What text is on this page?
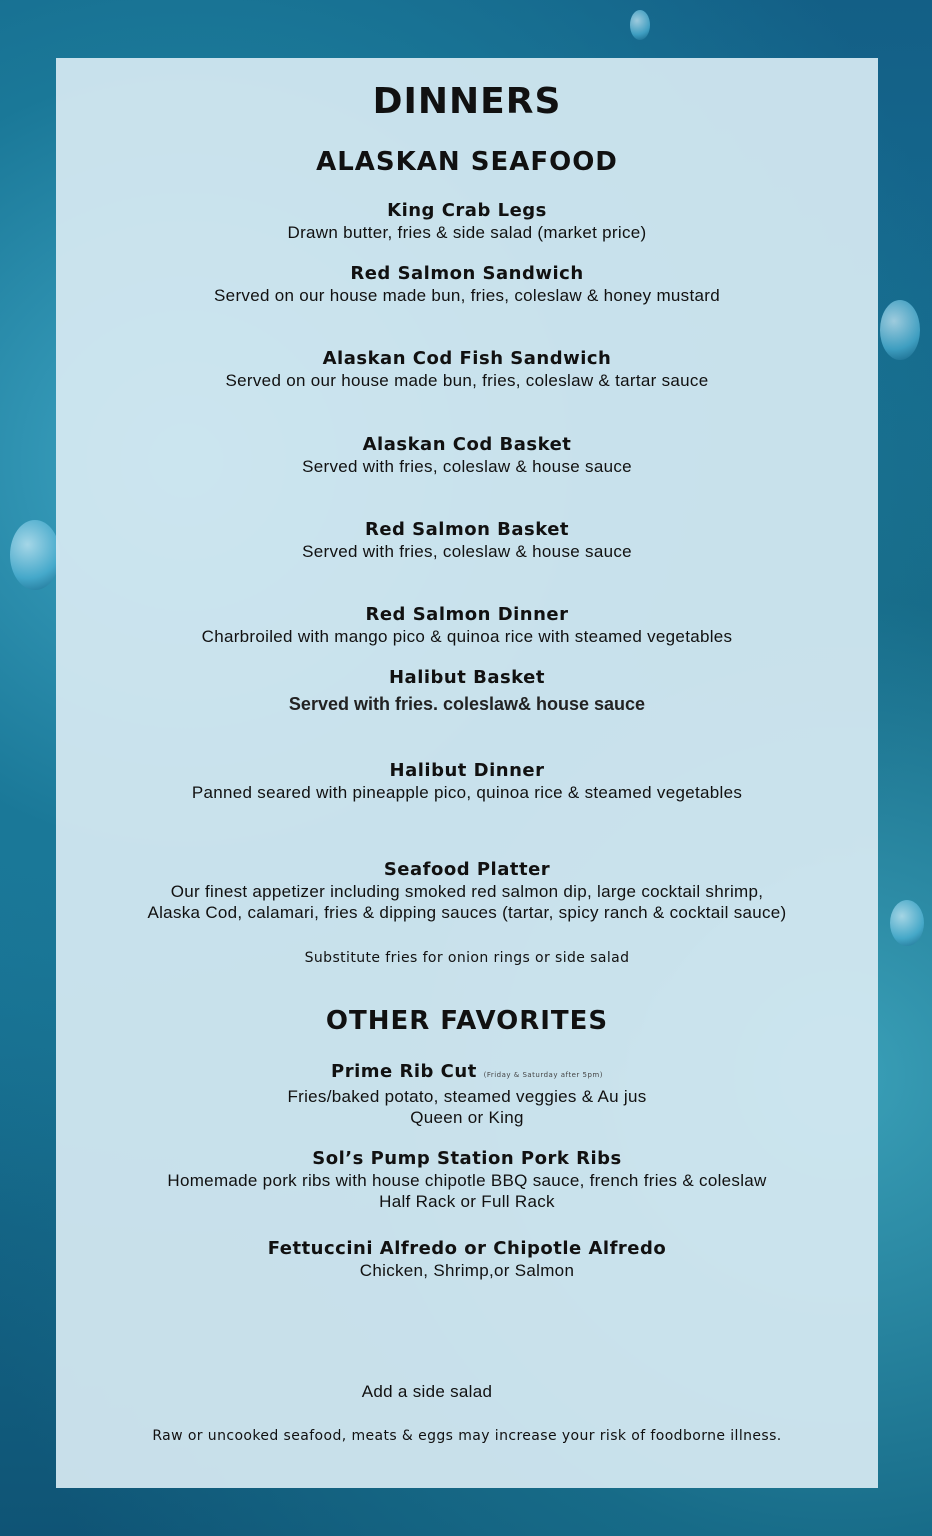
DINNERS
ALASKAN SEAFOOD
King Crab Legs
Drawn butter, fries & side salad (market price)
Red Salmon Sandwich
Served on our house made bun, fries, coleslaw & honey mustard
Alaskan Cod Fish Sandwich
Served on our house made bun, fries, coleslaw & tartar sauce
Alaskan Cod Basket
Served with fries, coleslaw & house sauce
Red Salmon Basket
Served with fries, coleslaw & house sauce
Red Salmon Dinner
Charbroiled with mango pico & quinoa rice with steamed vegetables
Halibut Basket
Served with fries. coleslaw& house sauce
Halibut Dinner
Panned seared with pineapple pico, quinoa rice & steamed vegetables
Seafood Platter
Our finest appetizer including smoked red salmon dip, large cocktail shrimp,
Alaska Cod, calamari, fries & dipping sauces (tartar, spicy ranch & cocktail sauce)
Substitute fries for onion rings or side salad
OTHER FAVORITES
Prime Rib Cut (Friday & Saturday after 5pm)
Fries/baked potato, steamed veggies & Au jus
Queen or King
Sol’s Pump Station Pork Ribs
Homemade pork ribs with house chipotle BBQ sauce, french fries & coleslaw
Half Rack or Full Rack
Fettuccini Alfredo or Chipotle Alfredo
Chicken, Shrimp,or Salmon
Add a side salad
Raw or uncooked seafood, meats & eggs may increase your risk of foodborne illness.
